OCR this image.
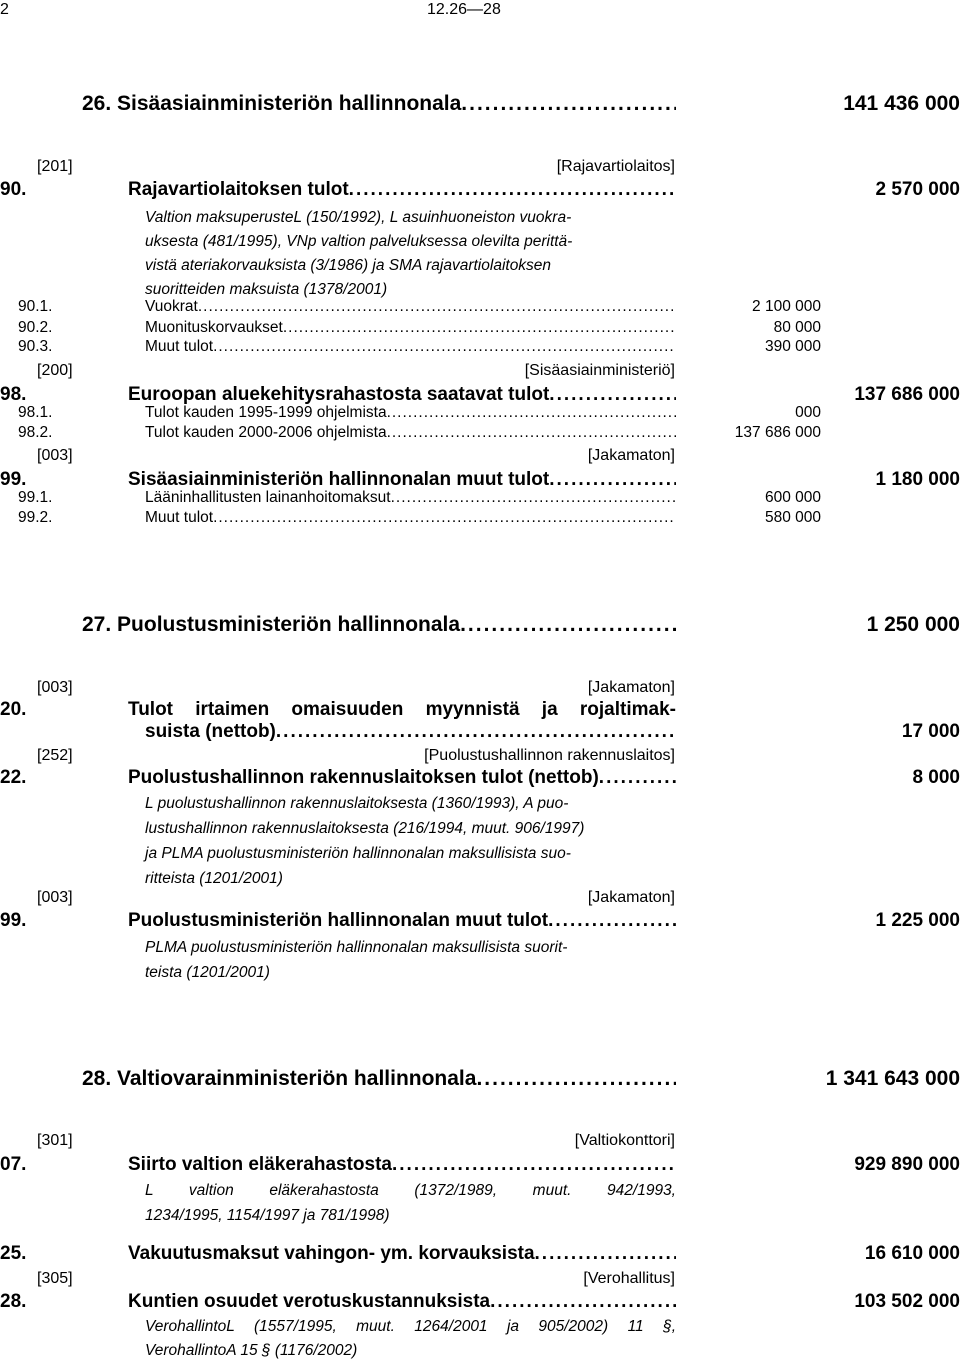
2	12.26—28
26. Sisäasiainministeriön hallinnonala .....	141 436 000
[201]	[Rajavartiolaitos]
90.	Rajavartiolaitoksen tulot .....	2 570 000
Valtion maksuperusteL (150/1992), L asuinhuoneiston vuokra-
uksesta (481/1995), VNp valtion palveluksessa olevilta perittä-
vistä ateriakorvauksista (3/1986) ja SMA rajavartiolaitoksen
suoritteiden maksuista (1378/2001)
90.1.	Vuokrat .....	2 100 000
90.2.	Muonituskorvaukset .....	80 000
90.3.	Muut tulot .....	390 000
[200]	[Sisäasiainministeriö]
98.	Euroopan aluekehitysrahastosta saatavat tulot .....	137 686 000
98.1.	Tulot kauden 1995-1999 ohjelmista .....	000
98.2.	Tulot kauden 2000-2006 ohjelmista .....	137 686 000
[003]	[Jakamaton]
99.	Sisäasiainministeriön hallinnonalan muut tulot .....	1 180 000
99.1.	Lääninhallitusten lainanhoitomaksut .....	600 000
99.2.	Muut tulot .....	580 000
27. Puolustusministeriön hallinnonala .....	1 250 000
[003]	[Jakamaton]
20.	Tulot irtaimen omaisuuden myynnistä ja rojaltimak-
suista (nettob) .....	17 000
[252]	[Puolustushallinnon rakennuslaitos]
22.	Puolustushallinnon rakennuslaitoksen tulot (nettob) .....	8 000
L puolustushallinnon rakennuslaitoksesta (1360/1993), A puo-
lustushallinnon rakennuslaitoksesta (216/1994, muut. 906/1997)
ja PLMA puolustusministeriön hallinnonalan maksullisista suo-
ritteista (1201/2001)
[003]	[Jakamaton]
99.	Puolustusministeriön hallinnonalan muut tulot .....	1 225 000
PLMA puolustusministeriön hallinnonalan maksullisista suorit-
teista (1201/2001)
28. Valtiovarainministeriön hallinnonala .....	1 341 643 000
[301]	[Valtiokonttori]
07.	Siirto valtion eläkerahastosta .....	929 890 000
L valtion eläkerahastosta (1372/1989, muut. 942/1993,
1234/1995, 1154/1997 ja 781/1998)
25.	Vakuutusmaksut vahingon- ym. korvauksista .....	16 610 000
[305]	[Verohallitus]
28.	Kuntien osuudet verotuskustannuksista .....	103 502 000
VerohallintoL (1557/1995, muut. 1264/2001 ja 905/2002) 11 §,
VerohallintoA 15 § (1176/2002)
